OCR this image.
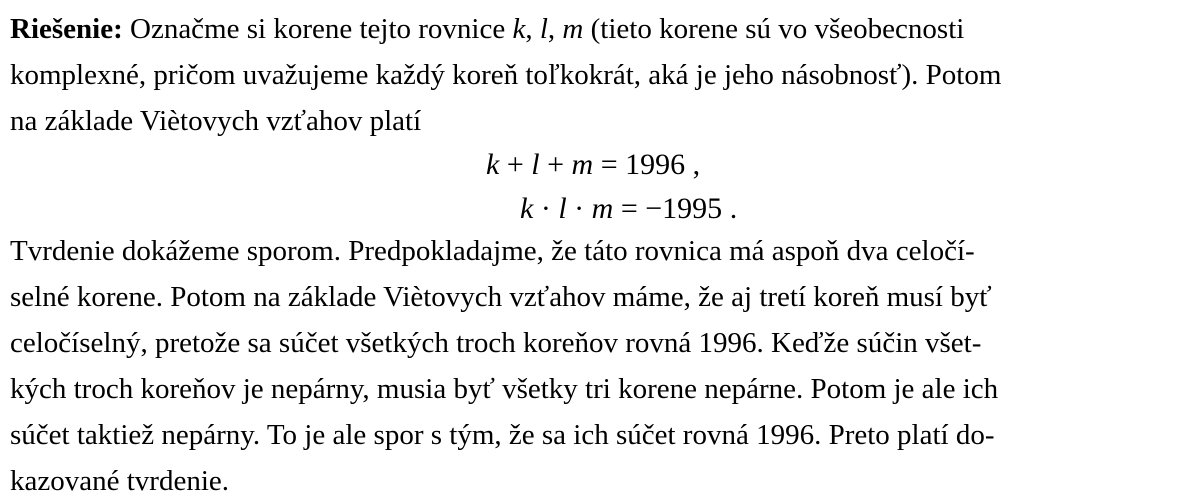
Riešenie: Označme si korene tejto rovnice k, l, m (tieto korene sú vo všeobecnosti
komplexné, pričom uvažujeme každý koreň toľkokrát, aká je jeho násobnosť). Potom
na základe Viètovych vzťahov platí
k + l + m = 1996 ,
k · l · m = −1995 .
Tvrdenie dokážeme sporom. Predpokladajme, že táto rovnica má aspoň dva celočí-
selné korene. Potom na základe Viètovych vzťahov máme, že aj tretí koreň musí byť
celočíselný, pretože sa súčet všetkých troch koreňov rovná 1996. Keďže súčin všet-
kých troch koreňov je nepárny, musia byť všetky tri korene nepárne. Potom je ale ich
súčet taktiež nepárny. To je ale spor s tým, že sa ich súčet rovná 1996. Preto platí do-
kazované tvrdenie.
